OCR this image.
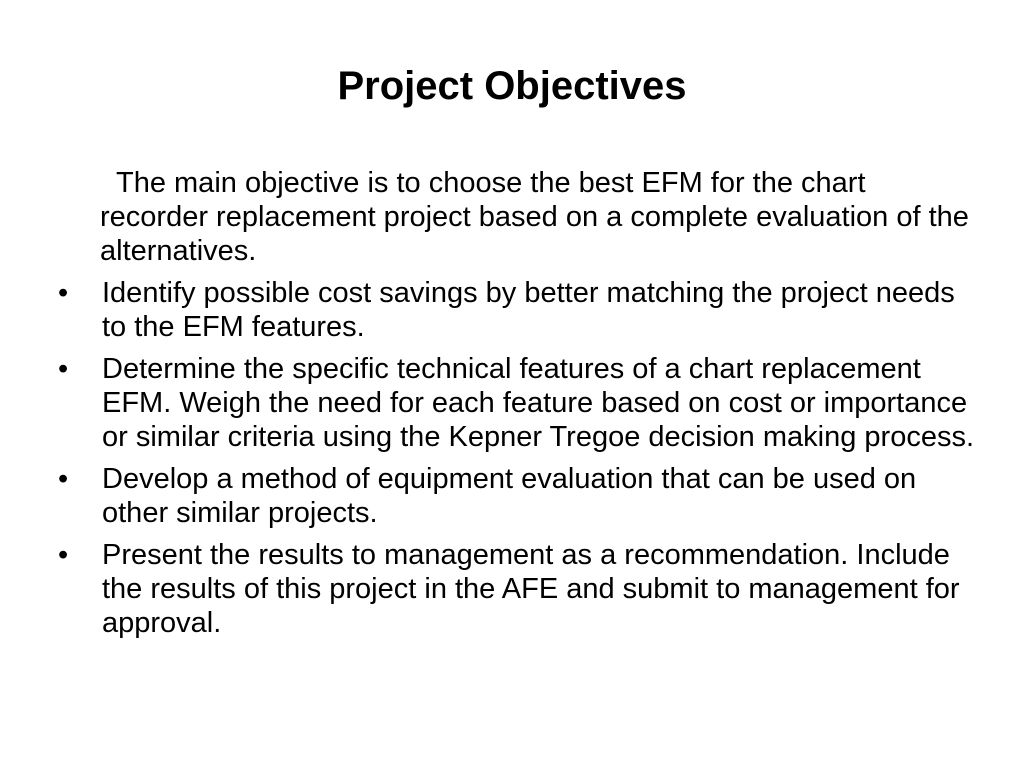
Project Objectives

The main objective is to choose the best EFM for the chart recorder replacement project based on a complete evaluation of the alternatives.

•	Identify possible cost savings by better matching the project needs to the EFM features.
•	Determine the specific technical features of a chart replacement EFM. Weigh the need for each feature based on cost or importance or similar criteria using the Kepner Tregoe decision making process.
•	Develop a method of equipment evaluation that can be used on other similar projects.
•	Present the results to management as a recommendation. Include the results of this project in the AFE and submit to management for approval.
